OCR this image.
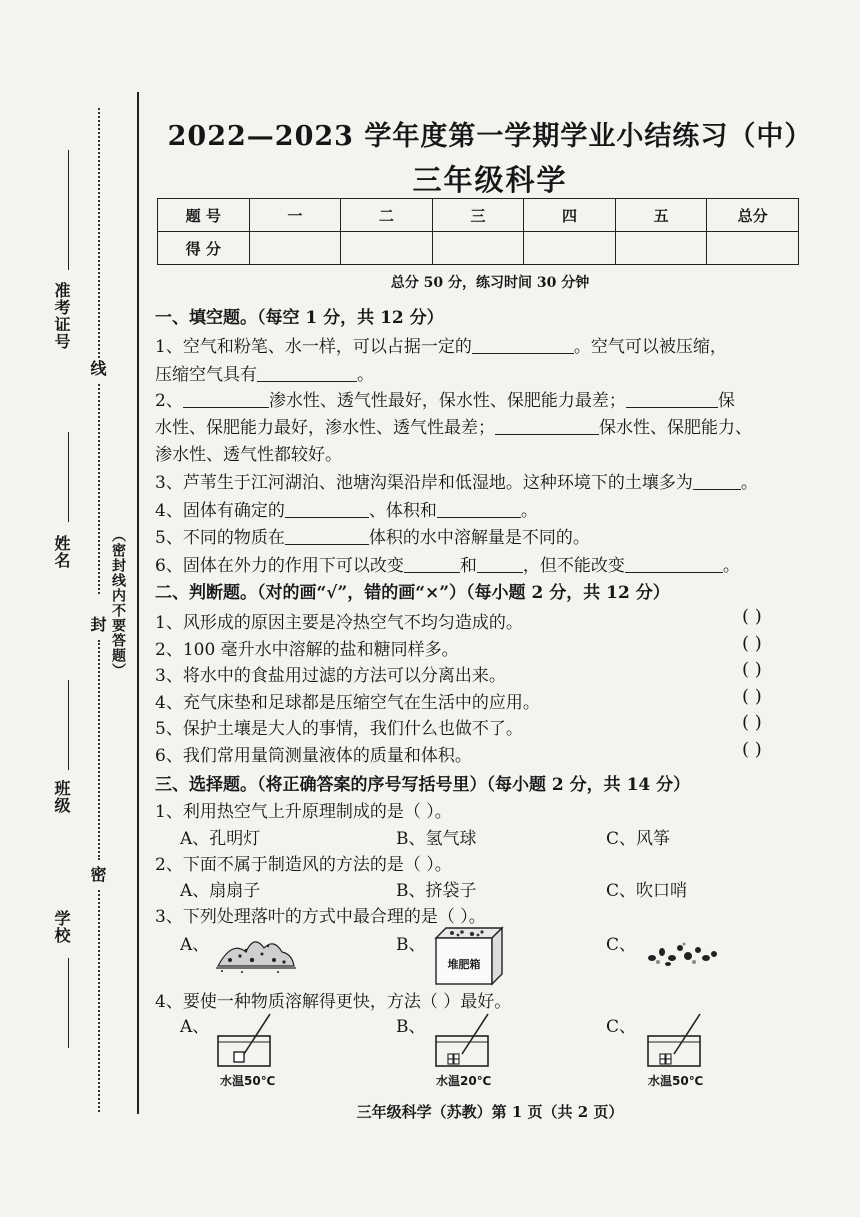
准考证号
线
姓名	（密封线内不要答题）
封
班级
密
学校
2022—2023 学年度第一学期学业小结练习（中）
三年级科学
题 号	一	二	三	四	五	总分
得 分						
总分 50 分，练习时间 30 分钟
一、填空题。（每空 1 分，共 12 分）
1、空气和粉笔、水一样，可以占据一定的	。空气可以被压缩，
压缩空气具有	。
2、	渗水性、透气性最好，保水性、保肥能力最差；	保
水性、保肥能力最好，渗水性、透气性最差；	保水性、保肥能力、
渗水性、透气性都较好。
3、芦苇生于江河湖泊、池塘沟渠沿岸和低湿地。这种环境下的土壤多为	。
4、固体有确定的	、体积和	。
5、不同的物质在	体积的水中溶解量是不同的。
6、固体在外力的作用下可以改变	和	，但不能改变	。
二、判断题。（对的画“√”，错的画“×”）（每小题 2 分，共 12 分）
1、风形成的原因主要是冷热空气不均匀造成的。	( )
2、100 毫升水中溶解的盐和糖同样多。	( )
3、将水中的食盐用过滤的方法可以分离出来。	( )
4、充气床垫和足球都是压缩空气在生活中的应用。	( )
5、保护土壤是大人的事情，我们什么也做不了。	( )
6、我们常用量筒测量液体的质量和体积。	( )
三、选择题。（将正确答案的序号写括号里）（每小题 2 分，共 14 分）
1、利用热空气上升原理制成的是（ ）。
A、孔明灯	B、氢气球	C、风筝
2、下面不属于制造风的方法的是（ ）。
A、扇扇子	B、挤袋子	C、吹口哨
3、下列处理落叶的方式中最合理的是（ ）。
A、	B、	C、
堆肥箱
4、要使一种物质溶解得更快，方法（ ）最好。
A、	B、	C、
水温50℃	水温20℃	水温50℃
三年级科学（苏教）第 1 页（共 2 页）
